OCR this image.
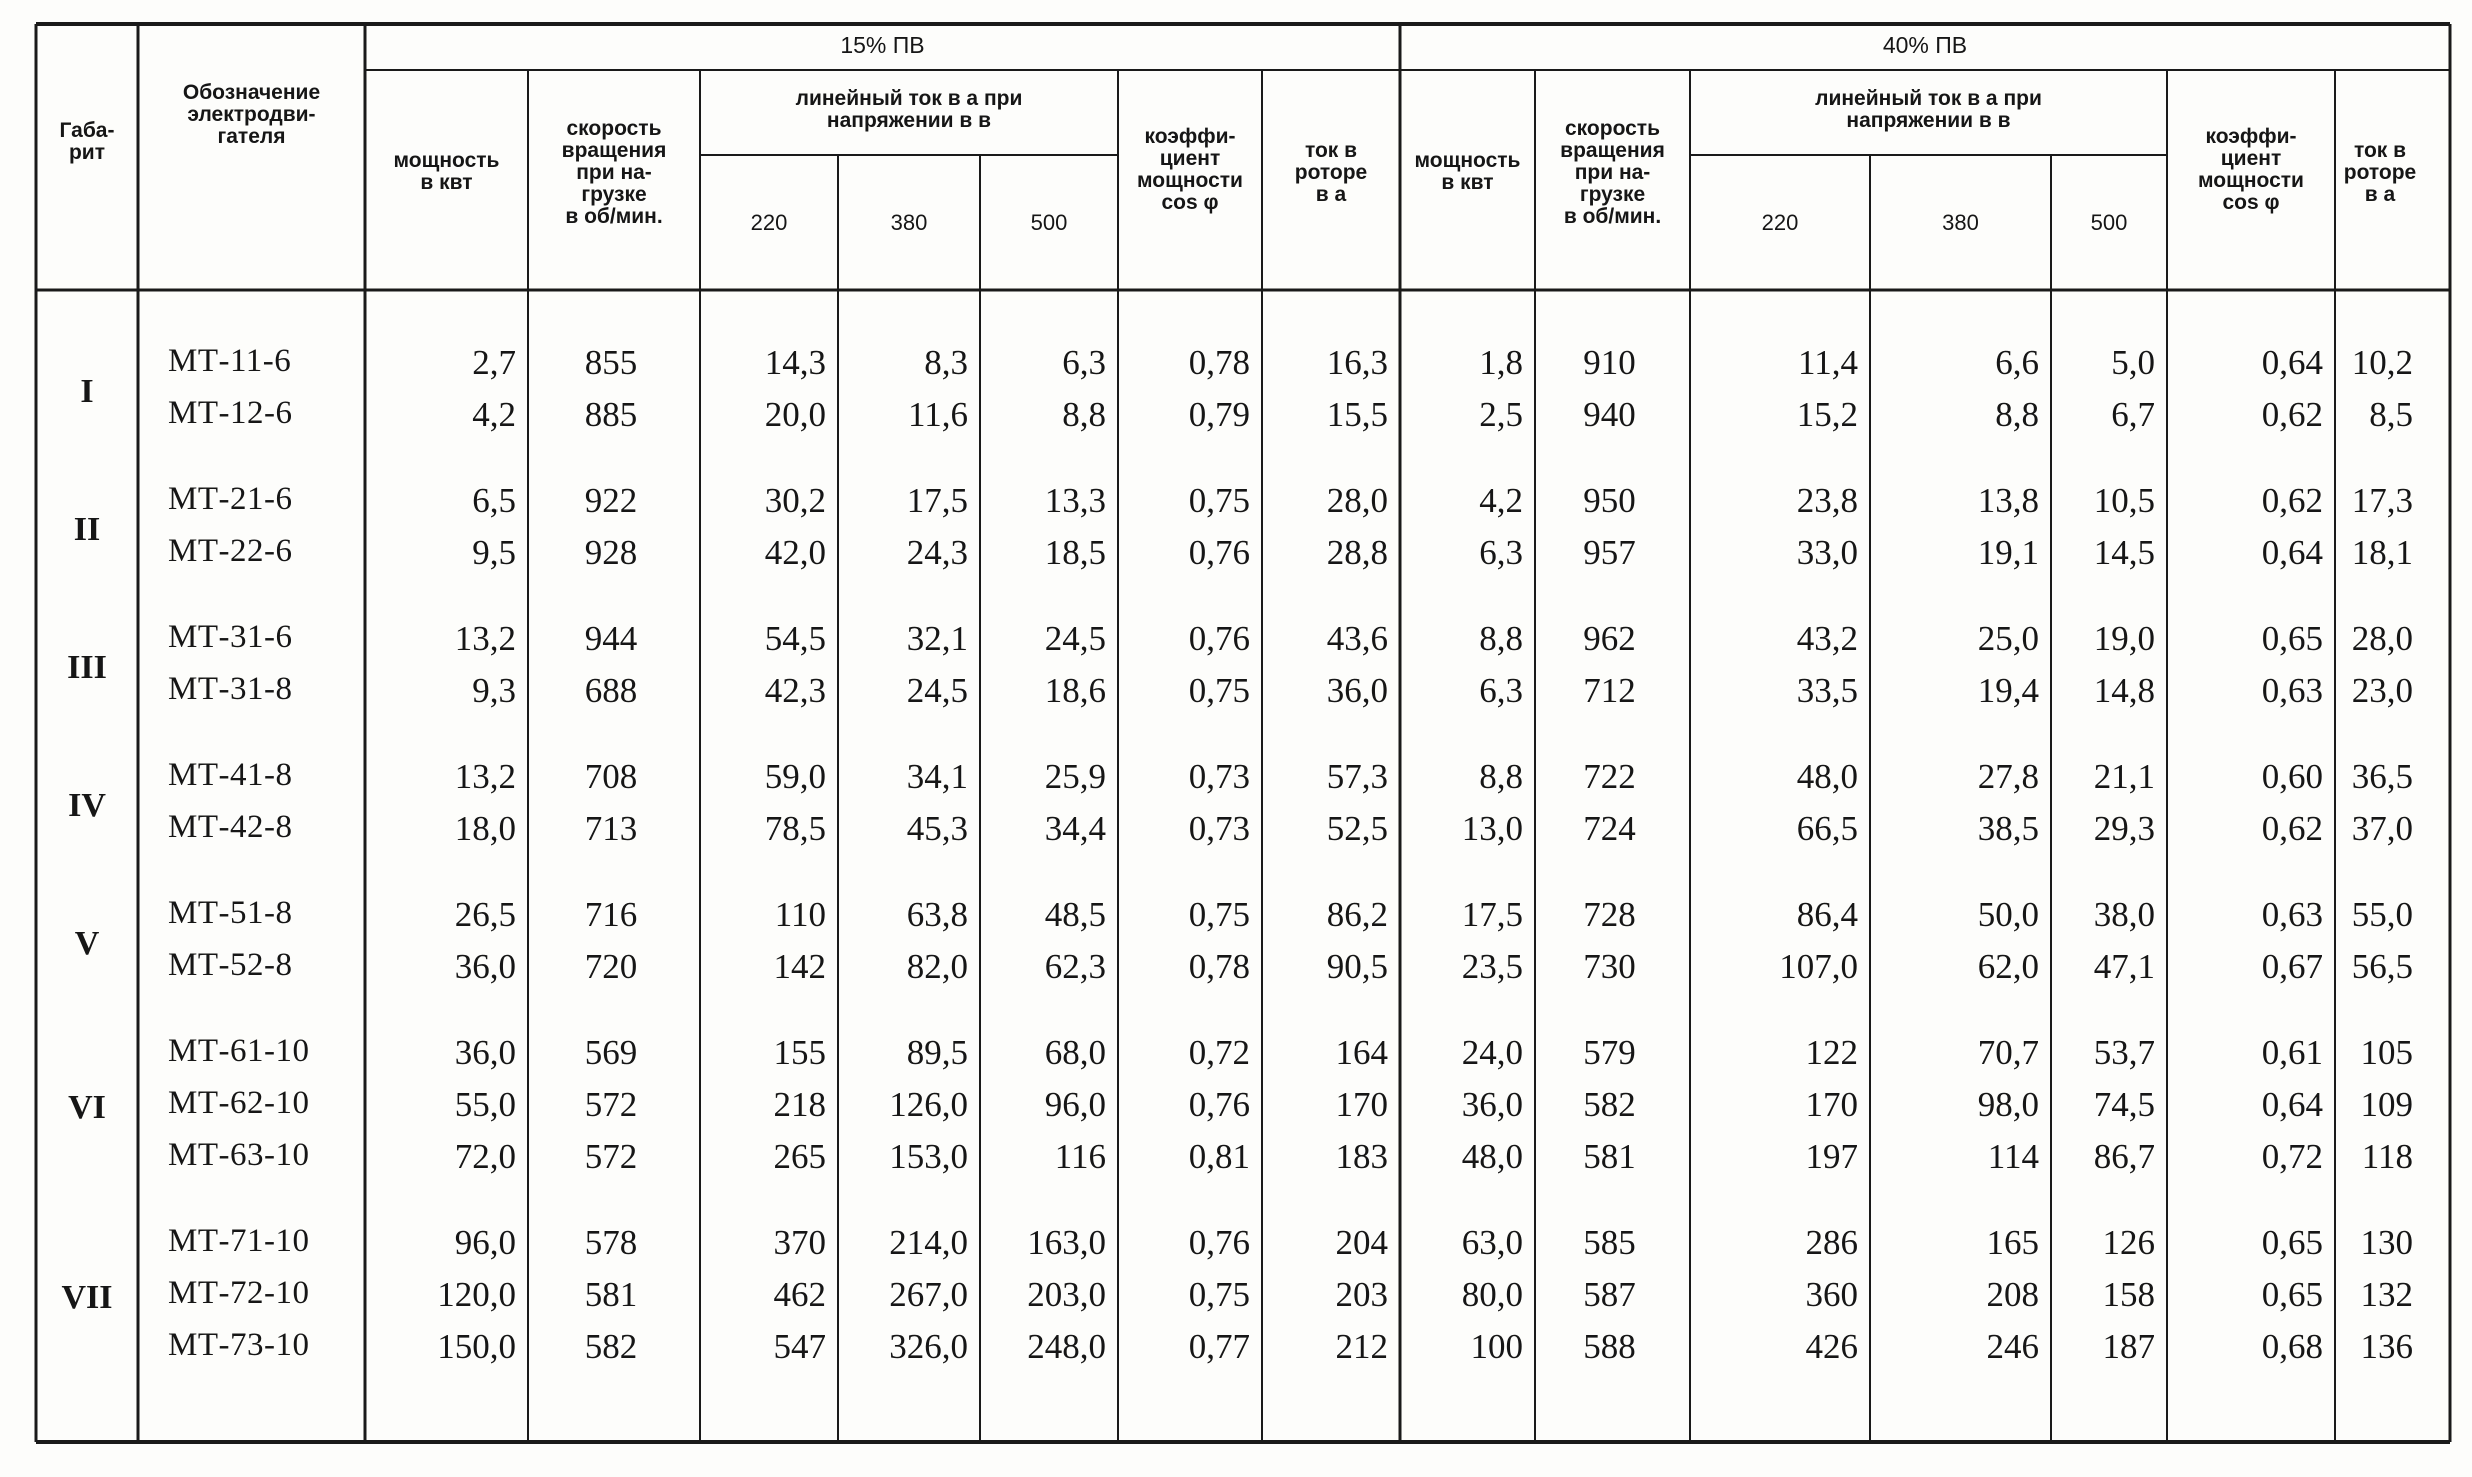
Габа-
рит
Обозначение
электродви-
гателя
15% ПВ	40% ПВ
мощность
в квт
скорость
вращения
при на-
грузке
в об/мин.
линейный ток в а при
напряжении в в
220	380	500
коэффи-
циент
мощности
cos φ
ток в
роторе
в а
мощность
в квт
скорость
вращения
при на-
грузке
в об/мин.
линейный ток в а при
напряжении в в
220	380	500
коэффи-
циент
мощности
cos φ
ток в
роторе
в а
МТ-11-6	2,7	855	14,3	8,3	6,3	0,78	16,3	1,8	910	11,4	6,6	5,0	0,64 10,2
МТ-12-6	4,2	885	20,0	11,6	8,8	0,79	15,5	2,5	940	15,2	8,8	6,7	0,62	8,5
I
МТ-21-6	6,5	922	30,2	17,5	13,3	0,75	28,0	4,2	950	23,8	13,8	10,5	0,62 17,3
МТ-22-6	9,5	928	42,0	24,3	18,5	0,76	28,8	6,3	957	33,0	19,1	14,5	0,64 18,1
II
МТ-31-6	13,2	944	54,5	32,1	24,5	0,76	43,6	8,8	962	43,2	25,0	19,0	0,65 28,0
МТ-31-8	9,3	688	42,3	24,5	18,6	0,75	36,0	6,3	712	33,5	19,4	14,8	0,63 23,0
III
МТ-41-8	13,2	708	59,0	34,1	25,9	0,73	57,3	8,8	722	48,0	27,8	21,1	0,60 36,5
МТ-42-8	18,0	713	78,5	45,3	34,4	0,73	52,5	13,0	724	66,5	38,5	29,3	0,62 37,0
IV
МТ-51-8	26,5	716	110	63,8	48,5	0,75	86,2	17,5	728	86,4	50,0	38,0	0,63 55,0
МТ-52-8	36,0	720	142	82,0	62,3	0,78	90,5	23,5	730	107,0	62,0	47,1	0,67 56,5
V
МТ-61-10	36,0	569	155	89,5	68,0	0,72	164	24,0	579	122	70,7	53,7	0,61	105
МТ-62-10	55,0	572	218	126,0	96,0	0,76	170	36,0	582	170	98,0	74,5	0,64	109
МТ-63-10	72,0	572	265	153,0	116	0,81	183	48,0	581	197	114	86,7	0,72	118
VI
МТ-71-10	96,0	578	370	214,0	163,0	0,76	204	63,0	585	286	165	126	0,65	130
МТ-72-10	120,0	581	462	267,0	203,0	0,75	203	80,0	587	360	208	158	0,65	132
МТ-73-10	150,0	582	547	326,0	248,0	0,77	212	100	588	426	246	187	0,68	136
VII
